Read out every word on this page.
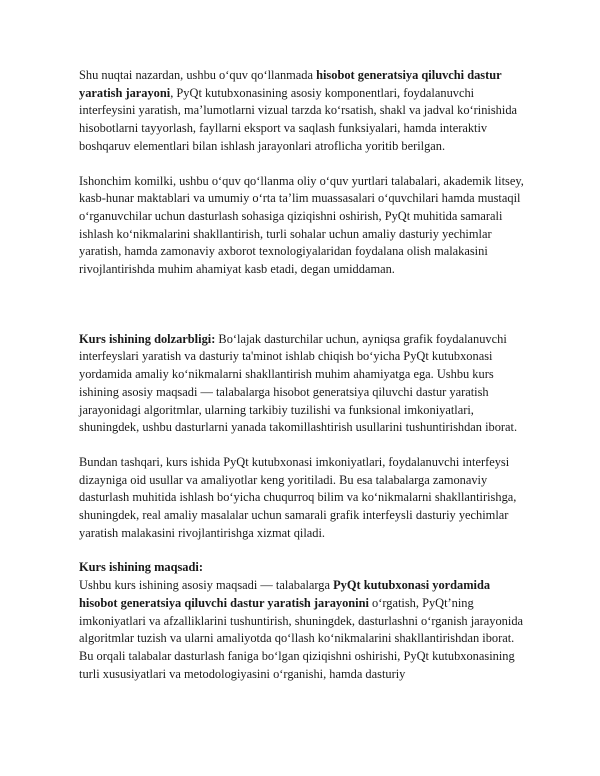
Shu nuqtai nazardan, ushbu o‘quv qo‘llanmada hisobot generatsiya qiluvchi dastur yaratish jarayoni, PyQt kutubxonasining asosiy komponentlari, foydalanuvchi interfeysini yaratish, ma’lumotlarni vizual tarzda ko‘rsatish, shakl va jadval ko‘rinishida hisobotlarni tayyorlash, fayllarni eksport va saqlash funksiyalari, hamda interaktiv boshqaruv elementlari bilan ishlash jarayonlari atroflicha yoritib berilgan.

Ishonchim komilki, ushbu o‘quv qo‘llanma oliy o‘quv yurtlari talabalari, akademik litsey, kasb-hunar maktablari va umumiy o‘rta ta’lim muassasalari o‘quvchilari hamda mustaqil o‘rganuvchilar uchun dasturlash sohasiga qiziqishni oshirish, PyQt muhitida samarali ishlash ko‘nikmalarini shakllantirish, turli sohalar uchun amaliy dasturiy yechimlar yaratish, hamda zamonaviy axborot texnologiyalaridan foydalana olish malakasini rivojlantirishda muhim ahamiyat kasb etadi, degan umiddaman.

Kurs ishining dolzarbligi: Bo‘lajak dasturchilar uchun, ayniqsa grafik foydalanuvchi interfeyslari yaratish va dasturiy ta'minot ishlab chiqish bo‘yicha PyQt kutubxonasi yordamida amaliy ko‘nikmalarni shakllantirish muhim ahamiyatga ega. Ushbu kurs ishining asosiy maqsadi — talabalarga hisobot generatsiya qiluvchi dastur yaratish jarayonidagi algoritmlar, ularning tarkibiy tuzilishi va funksional imkoniyatlari, shuningdek, ushbu dasturlarni yanada takomillashtirish usullarini tushuntirishdan iborat.

Bundan tashqari, kurs ishida PyQt kutubxonasi imkoniyatlari, foydalanuvchi interfeysi dizayniga oid usullar va amaliyotlar keng yoritiladi. Bu esa talabalarga zamonaviy dasturlash muhitida ishlash bo‘yicha chuqurroq bilim va ko‘nikmalarni shakllantirishga, shuningdek, real amaliy masalalar uchun samarali grafik interfeysli dasturiy yechimlar yaratish malakasini rivojlantirishga xizmat qiladi.

Kurs ishining maqsadi:

Ushbu kurs ishining asosiy maqsadi — talabalarga PyQt kutubxonasi yordamida hisobot generatsiya qiluvchi dastur yaratish jarayonini o‘rgatish, PyQt’ning imkoniyatlari va afzalliklarini tushuntirish, shuningdek, dasturlashni o‘rganish jarayonida algoritmlar tuzish va ularni amaliyotda qo‘llash ko‘nikmalarini shakllantirishdan iborat.

Bu orqali talabalar dasturlash faniga bo‘lgan qiziqishni oshirishi, PyQt kutubxonasining turli xususiyatlari va metodologiyasini o‘rganishi, hamda dasturiy
